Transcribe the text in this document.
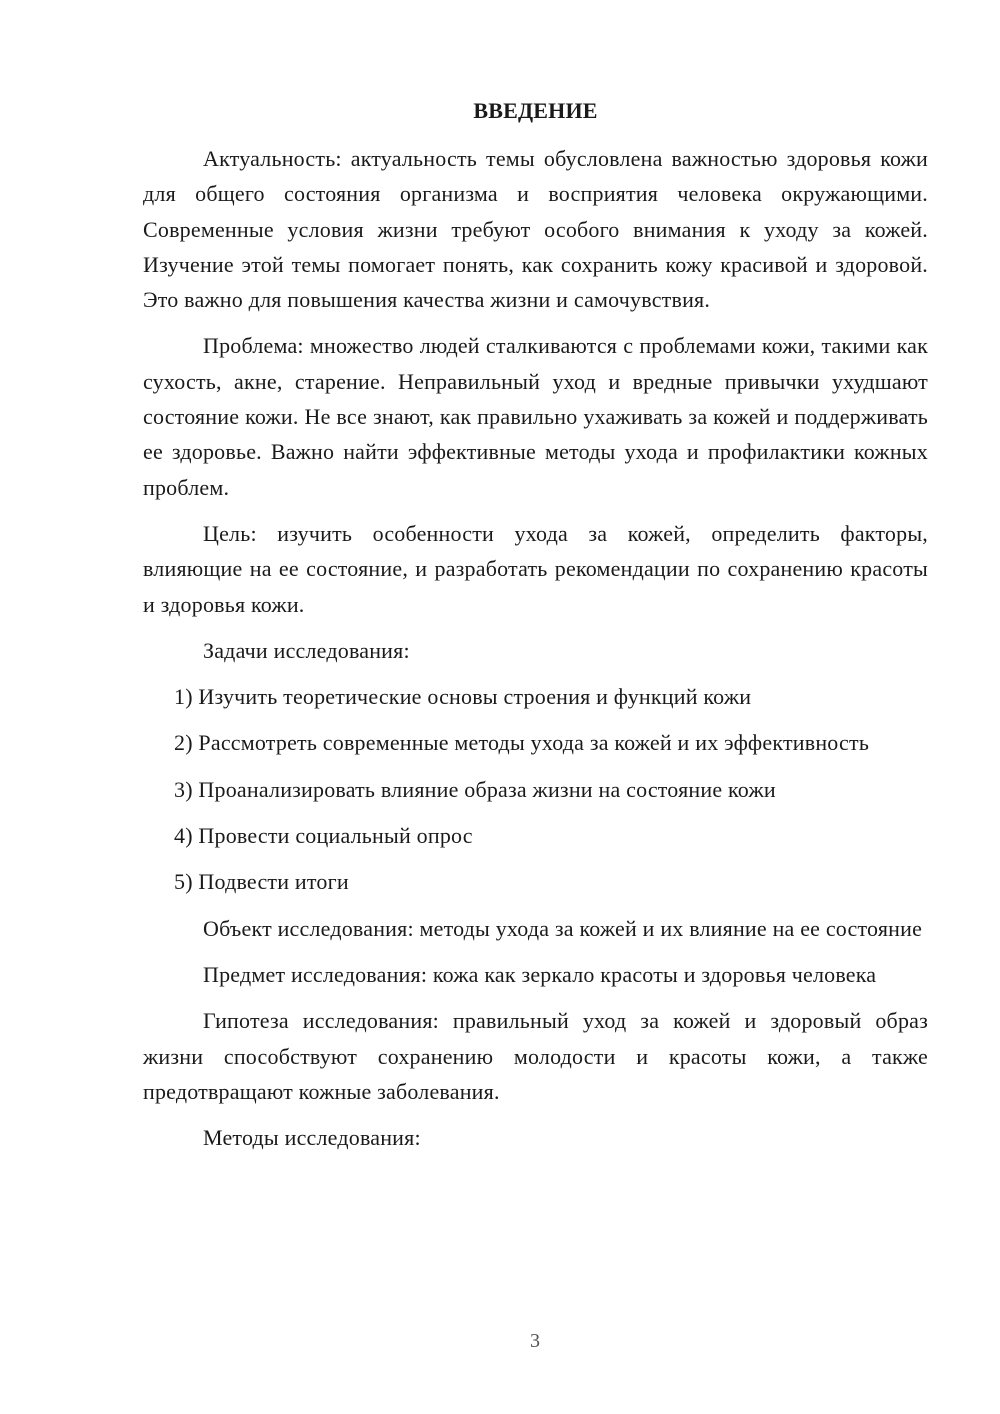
ВВЕДЕНИЕ

Актуальность: актуальность темы обусловлена важностью здоровья кожи для общего состояния организма и восприятия человека окружающими. Современные условия жизни требуют особого внимания к уходу за кожей. Изучение этой темы помогает понять, как сохранить кожу красивой и здоровой. Это важно для повышения качества жизни и самочувствия.

Проблема: множество людей сталкиваются с проблемами кожи, такими как сухость, акне, старение. Неправильный уход и вредные привычки ухудшают состояние кожи. Не все знают, как правильно ухаживать за кожей и поддерживать ее здоровье. Важно найти эффективные методы ухода и профилактики кожных проблем.

Цель: изучить особенности ухода за кожей, определить факторы, влияющие на ее состояние, и разработать рекомендации по сохранению красоты и здоровья кожи.

Задачи исследования:

1) Изучить теоретические основы строения и функций кожи

2) Рассмотреть современные методы ухода за кожей и их эффективность

3) Проанализировать влияние образа жизни на состояние кожи

4) Провести социальный опрос

5) Подвести итоги

Объект исследования: методы ухода за кожей и их влияние на ее состояние

Предмет исследования: кожа как зеркало красоты и здоровья человека

Гипотеза исследования: правильный уход за кожей и здоровый образ жизни способствуют сохранению молодости и красоты кожи, а также предотвращают кожные заболевания.

Методы исследования:

3
